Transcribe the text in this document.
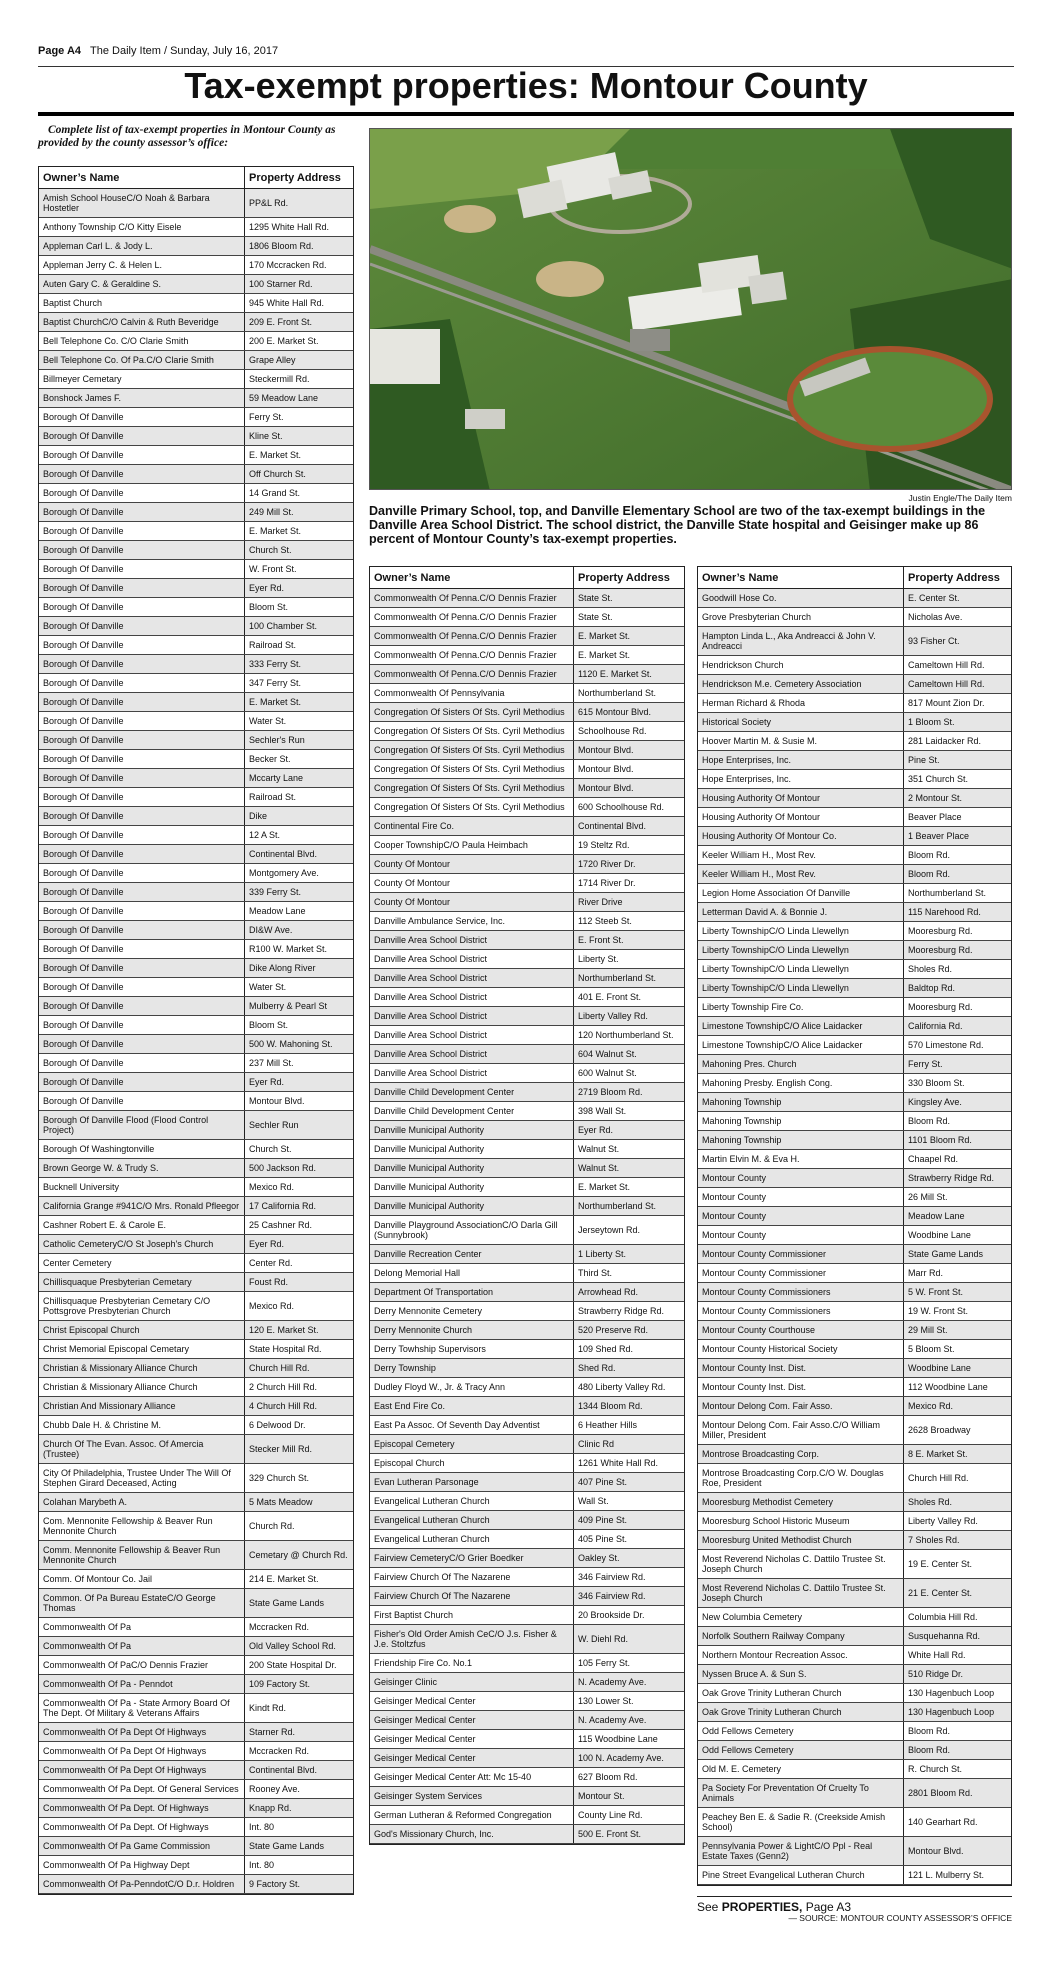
Page A4 The Daily Item / Sunday, July 16, 2017
Tax-exempt properties: Montour County

Complete list of tax-exempt properties in Montour County as provided by the county assessor’s office:

Justin Engle/The Daily Item

Danville Primary School, top, and Danville Elementary School are two of the tax-exempt buildings in the Danville Area School District. The school district, the Danville State hospital and Geisinger make up 86 percent of Montour County’s tax-exempt properties.

Owner’s Name	Property Address
Amish School HouseC/O Noah & Barbara Hostetler	PP&L Rd.
Anthony Township C/O Kitty Eisele	1295 White Hall Rd.
Appleman Carl L. & Jody L.	1806 Bloom Rd.
Appleman Jerry C. & Helen L.	170 Mccracken Rd.
Auten Gary C. & Geraldine S.	100 Starner Rd.
Baptist Church	945 White Hall Rd.
Baptist ChurchC/O Calvin & Ruth Beveridge	209 E. Front St.
Bell Telephone Co. C/O Clarie Smith	200 E. Market St.
Bell Telephone Co. Of Pa.C/O Clarie Smith	Grape Alley
Billmeyer Cemetary	Steckermill Rd.
Bonshock James F.	59 Meadow Lane
Borough Of Danville	Ferry St.
Borough Of Danville	Kline St.
Borough Of Danville	E. Market St.
Borough Of Danville	Off Church St.
Borough Of Danville	14 Grand St.
Borough Of Danville	249 Mill St.
Borough Of Danville	E. Market St.
Borough Of Danville	Church St.
Borough Of Danville	W. Front St.
Borough Of Danville	Eyer Rd.
Borough Of Danville	Bloom St.
Borough Of Danville	100 Chamber St.
Borough Of Danville	Railroad St.
Borough Of Danville	333 Ferry St.
Borough Of Danville	347 Ferry St.
Borough Of Danville	E. Market St.
Borough Of Danville	Water St.
Borough Of Danville	Sechler's Run
Borough Of Danville	Becker St.
Borough Of Danville	Mccarty Lane
Borough Of Danville	Railroad St.
Borough Of Danville	Dike
Borough Of Danville	12 A St.
Borough Of Danville	Continental Blvd.
Borough Of Danville	Montgomery Ave.
Borough Of Danville	339 Ferry St.
Borough Of Danville	Meadow Lane
Borough Of Danville	DI&W Ave.
Borough Of Danville	R100 W. Market St.
Borough Of Danville	Dike Along River
Borough Of Danville	Water St.
Borough Of Danville	Mulberry & Pearl St
Borough Of Danville	Bloom St.
Borough Of Danville	500 W. Mahoning St.
Borough Of Danville	237 Mill St.
Borough Of Danville	Eyer Rd.
Borough Of Danville	Montour Blvd.
Borough Of Danville Flood (Flood Control Project)	Sechler Run
Borough Of Washingtonville	Church St.
Brown George W. & Trudy S.	500 Jackson Rd.
Bucknell University	Mexico Rd.
California Grange #941C/O Mrs. Ronald Pfleegor	17 California Rd.
Cashner Robert E. & Carole E.	25 Cashner Rd.
Catholic CemeteryC/O St Joseph's Church	Eyer Rd.
Center Cemetery	Center Rd.
Chillisquaque Presbyterian Cemetary	Foust Rd.
Chillisquaque Presbyterian Cemetary C/O Pottsgrove Presbyterian Church	Mexico Rd.
Christ Episcopal Church	120 E. Market St.
Christ Memorial Episcopal Cemetary	State Hospital Rd.
Christian & Missionary Alliance Church	Church Hill Rd.
Christian & Missionary Alliance Church	2 Church Hill Rd.
Christian And Missionary Alliance	4 Church Hill Rd.
Chubb Dale H. & Christine M.	6 Delwood Dr.
Church Of The Evan. Assoc. Of Amercia (Trustee)	Stecker Mill Rd.
City Of Philadelphia, Trustee Under The Will Of Stephen Girard Deceased, Acting	329 Church St.
Colahan Marybeth A.	5 Mats Meadow
Com. Mennonite Fellowship & Beaver Run Mennonite Church	Church Rd.
Comm. Mennonite Fellowship & Beaver Run Mennonite Church	Cemetary @ Church Rd.
Comm. Of Montour Co. Jail	214 E. Market St.
Common. Of Pa Bureau EstateC/O George Thomas	State Game Lands
Commonwealth Of Pa	Mccracken Rd.
Commonwealth Of Pa	Old Valley School Rd.
Commonwealth Of PaC/O Dennis Frazier	200 State Hospital Dr.
Commonwealth Of Pa - Penndot	109 Factory St.
Commonwealth Of Pa - State Armory Board Of The Dept. Of Military & Veterans Affairs	Kindt Rd.
Commonwealth Of Pa Dept Of Highways	Starner Rd.
Commonwealth Of Pa Dept Of Highways	Mccracken Rd.
Commonwealth Of Pa Dept Of Highways	Continental Blvd.
Commonwealth Of Pa Dept. Of General Services	Rooney Ave.
Commonwealth Of Pa Dept. Of Highways	Knapp Rd.
Commonwealth Of Pa Dept. Of Highways	Int. 80
Commonwealth Of Pa Game Commission	State Game Lands
Commonwealth Of Pa Highway Dept	Int. 80
Commonwealth Of Pa-PenndotC/O D.r. Holdren	9 Factory St.
Owner’s Name	Property Address
Commonwealth Of Penna.C/O Dennis Frazier	State St.
Commonwealth Of Penna.C/O Dennis Frazier	State St.
Commonwealth Of Penna.C/O Dennis Frazier	E. Market St.
Commonwealth Of Penna.C/O Dennis Frazier	E. Market St.
Commonwealth Of Penna.C/O Dennis Frazier	1120 E. Market St.
Commonwealth Of Pennsylvania	Northumberland St.
Congregation Of Sisters Of Sts. Cyril Methodius	615 Montour Blvd.
Congregation Of Sisters Of Sts. Cyril Methodius	Schoolhouse Rd.
Congregation Of Sisters Of Sts. Cyril Methodius	Montour Blvd.
Congregation Of Sisters Of Sts. Cyril Methodius	Montour Blvd.
Congregation Of Sisters Of Sts. Cyril Methodius	Montour Blvd.
Congregation Of Sisters Of Sts. Cyril Methodius	600 Schoolhouse Rd.
Continental Fire Co.	Continental Blvd.
Cooper TownshipC/O Paula Heimbach	19 Steltz Rd.
County Of Montour	1720 River Dr.
County Of Montour	1714 River Dr.
County Of Montour	River Drive
Danville Ambulance Service, Inc.	112 Steeb St.
Danville Area School District	E. Front St.
Danville Area School District	Liberty St.
Danville Area School District	Northumberland St.
Danville Area School District	401 E. Front St.
Danville Area School District	Liberty Valley Rd.
Danville Area School District	120 Northumberland St.
Danville Area School District	604 Walnut St.
Danville Area School District	600 Walnut St.
Danville Child Development Center	2719 Bloom Rd.
Danville Child Development Center	398 Wall St.
Danville Municipal Authority	Eyer Rd.
Danville Municipal Authority	Walnut St.
Danville Municipal Authority	Walnut St.
Danville Municipal Authority	E. Market St.
Danville Municipal Authority	Northumberland St.
Danville Playground AssociationC/O Darla Gill (Sunnybrook)	Jerseytown Rd.
Danville Recreation Center	1 Liberty St.
Delong Memorial Hall	Third St.
Department Of Transportation	Arrowhead Rd.
Derry Mennonite Cemetery	Strawberry Ridge Rd.
Derry Mennonite Church	520 Preserve Rd.
Derry Towhship Supervisors	109 Shed Rd.
Derry Township	Shed Rd.
Dudley Floyd W., Jr. & Tracy Ann	480 Liberty Valley Rd.
East End Fire Co.	1344 Bloom Rd.
East Pa Assoc. Of Seventh Day Adventist	6 Heather Hills
Episcopal Cemetery	Clinic Rd
Episcopal Church	1261 White Hall Rd.
Evan Lutheran Parsonage	407 Pine St.
Evangelical Lutheran Church	Wall St.
Evangelical Lutheran Church	409 Pine St.
Evangelical Lutheran Church	405 Pine St.
Fairview CemeteryC/O Grier Boedker	Oakley St.
Fairview Church Of The Nazarene	346 Fairview Rd.
Fairview Church Of The Nazarene	346 Fairview Rd.
First Baptist Church	20 Brookside Dr.
Fisher's Old Order Amish CeC/O J.s. Fisher & J.e. Stoltzfus	W. Diehl Rd.
Friendship Fire Co. No.1	105 Ferry St.
Geisinger Clinic	N. Academy Ave.
Geisinger Medical Center	130 Lower St.
Geisinger Medical Center	N. Academy Ave.
Geisinger Medical Center	115 Woodbine Lane
Geisinger Medical Center	100 N. Academy Ave.
Geisinger Medical Center Att: Mc 15-40	627 Bloom Rd.
Geisinger System Services	Montour St.
German Lutheran & Reformed Congregation	County Line Rd.
God's Missionary Church, Inc.	500 E. Front St.
Owner’s Name	Property Address
Goodwill Hose Co.	E. Center St.
Grove Presbyterian Church	Nicholas Ave.
Hampton Linda L., Aka Andreacci & John V. Andreacci	93 Fisher Ct.
Hendrickson Church	Cameltown Hill Rd.
Hendrickson M.e. Cemetery Association	Cameltown Hill Rd.
Herman Richard & Rhoda	817 Mount Zion Dr.
Historical Society	1 Bloom St.
Hoover Martin M. & Susie M.	281 Laidacker Rd.
Hope Enterprises, Inc.	Pine St.
Hope Enterprises, Inc.	351 Church St.
Housing Authority Of Montour	2 Montour St.
Housing Authority Of Montour	Beaver Place
Housing Authority Of Montour Co.	1 Beaver Place
Keeler William H., Most Rev.	Bloom Rd.
Keeler William H., Most Rev.	Bloom Rd.
Legion Home Association Of Danville	Northumberland St.
Letterman David A. & Bonnie J.	115 Narehood Rd.
Liberty TownshipC/O Linda Llewellyn	Mooresburg Rd.
Liberty TownshipC/O Linda Llewellyn	Mooresburg Rd.
Liberty TownshipC/O Linda Llewellyn	Sholes Rd.
Liberty TownshipC/O Linda Llewellyn	Baldtop Rd.
Liberty Township Fire Co.	Mooresburg Rd.
Limestone TownshipC/O Alice Laidacker	California Rd.
Limestone TownshipC/O Alice Laidacker	570 Limestone Rd.
Mahoning Pres. Church	Ferry St.
Mahoning Presby. English Cong.	330 Bloom St.
Mahoning Township	Kingsley Ave.
Mahoning Township	Bloom Rd.
Mahoning Township	1101 Bloom Rd.
Martin Elvin M. & Eva H.	Chaapel Rd.
Montour County	Strawberry Ridge Rd.
Montour County	26 Mill St.
Montour County	Meadow Lane
Montour County	Woodbine Lane
Montour County Commissioner	State Game Lands
Montour County Commissioner	Marr Rd.
Montour County Commissioners	5 W. Front St.
Montour County Commissioners	19 W. Front St.
Montour County Courthouse	29 Mill St.
Montour County Historical Society	5 Bloom St.
Montour County Inst. Dist.	Woodbine Lane
Montour County Inst. Dist.	112 Woodbine Lane
Montour Delong Com. Fair Asso.	Mexico Rd.
Montour Delong Com. Fair Asso.C/O William Miller, President	2628 Broadway
Montrose Broadcasting Corp.	8 E. Market St.
Montrose Broadcasting Corp.C/O W. Douglas Roe, President	Church Hill Rd.
Mooresburg Methodist Cemetery	Sholes Rd.
Mooresburg School Historic Museum	Liberty Valley Rd.
Mooresburg United Methodist Church	7 Sholes Rd.
Most Reverend Nicholas C. Dattilo Trustee St. Joseph Church	19 E. Center St.
Most Reverend Nicholas C. Dattilo Trustee St. Joseph Church	21 E. Center St.
New Columbia Cemetery	Columbia Hill Rd.
Norfolk Southern Railway Company	Susquehanna Rd.
Northern Montour Recreation Assoc.	White Hall Rd.
Nyssen Bruce A. & Sun S.	510 Ridge Dr.
Oak Grove Trinity Lutheran Church	130 Hagenbuch Loop
Oak Grove Trinity Lutheran Church	130 Hagenbuch Loop
Odd Fellows Cemetery	Bloom Rd.
Odd Fellows Cemetery	Bloom Rd.
Old M. E. Cemetery	R. Church St.
Pa Society For Preventation Of Cruelty To Animals	2801 Bloom Rd.
Peachey Ben E. & Sadie R. (Creekside Amish School)	140 Gearhart Rd.
Pennsylvania Power & LightC/O Ppl - Real Estate Taxes (Genn2)	Montour Blvd.
Pine Street Evangelical Lutheran Church	121 L. Mulberry St.
See PROPERTIES, Page A3
— SOURCE: MONTOUR COUNTY ASSESSOR’S OFFICE
